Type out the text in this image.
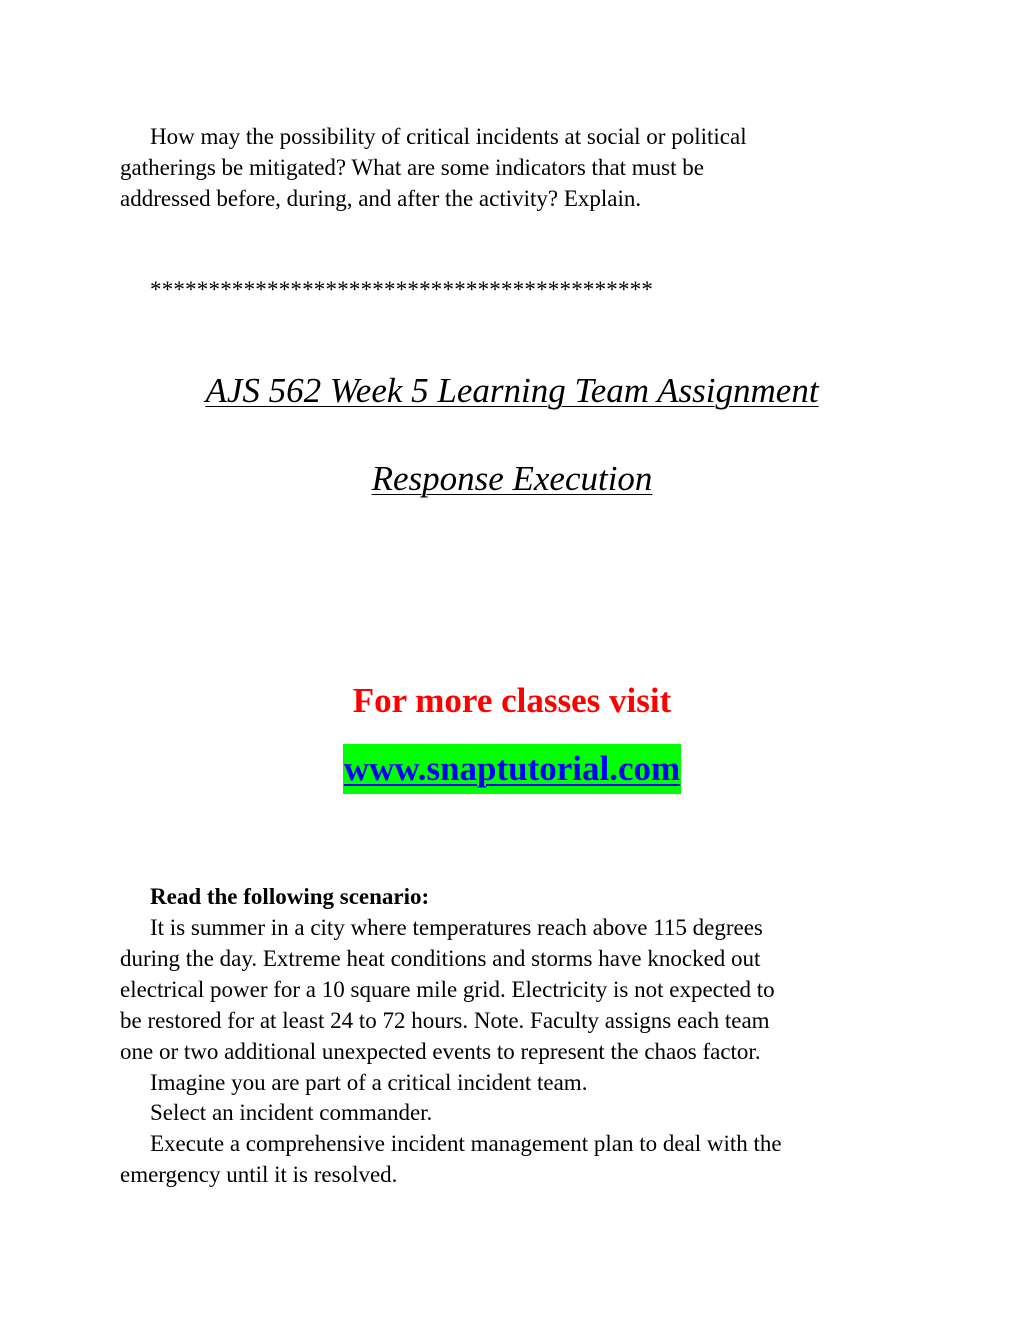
How may the possibility of critical incidents at social or political
gatherings be mitigated? What are some indicators that must be
addressed before, during, and after the activity? Explain.
*******************************************
AJS 562 Week 5 Learning Team Assignment
Response Execution
For more classes visit
www.snaptutorial.com
Read the following scenario:
It is summer in a city where temperatures reach above 115 degrees
during the day. Extreme heat conditions and storms have knocked out
electrical power for a 10 square mile grid. Electricity is not expected to
be restored for at least 24 to 72 hours. Note. Faculty assigns each team
one or two additional unexpected events to represent the chaos factor.
Imagine you are part of a critical incident team.
Select an incident commander.
Execute a comprehensive incident management plan to deal with the
emergency until it is resolved.
